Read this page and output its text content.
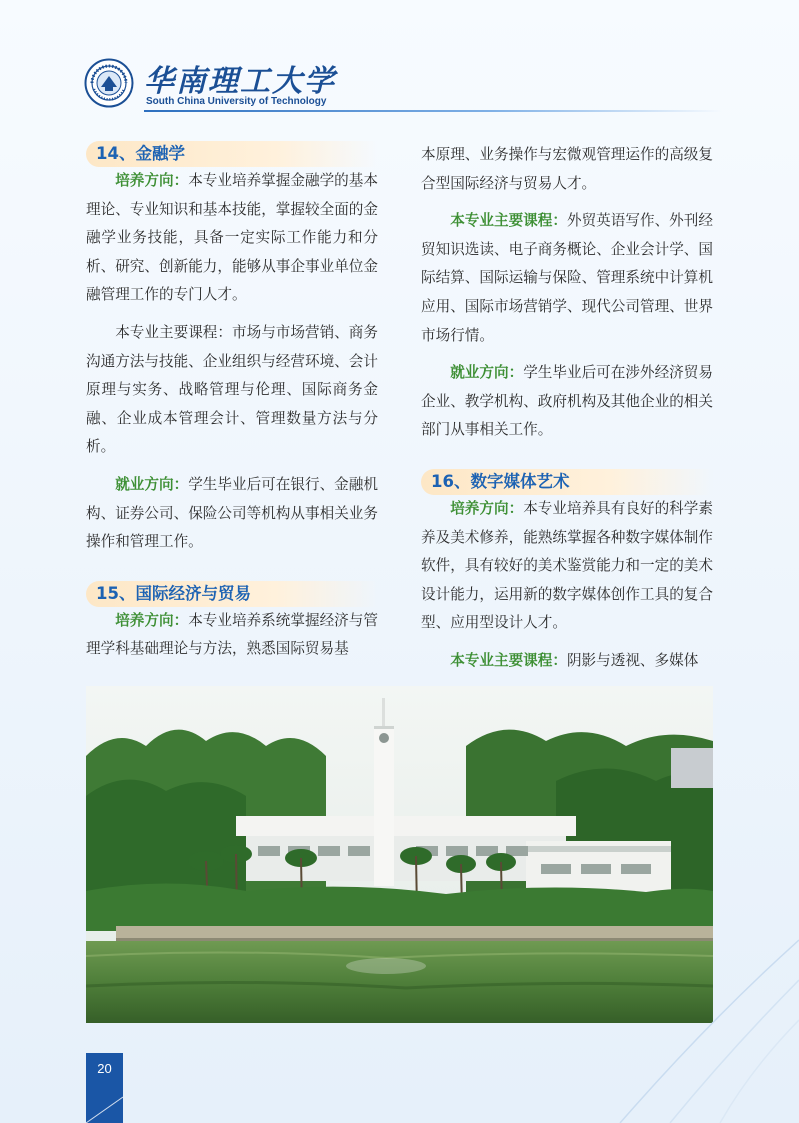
华南理工大学
South China University of Technology
14、金融学

培养方向：本专业培养掌握金融学的基本理论、专业知识和基本技能，掌握较全面的金融学业务技能，具备一定实际工作能力和分析、研究、创新能力，能够从事企事业单位金融管理工作的专门人才。

本专业主要课程：市场与市场营销、商务沟通方法与技能、企业组织与经营环境、会计原理与实务、战略管理与伦理、国际商务金融、企业成本管理会计、管理数量方法与分析。

就业方向：学生毕业后可在银行、金融机构、证券公司、保险公司等机构从事相关业务操作和管理工作。

15、国际经济与贸易

培养方向：本专业培养系统掌握经济与管理学科基础理论与方法，熟悉国际贸易基

本原理、业务操作与宏微观管理运作的高级复合型国际经济与贸易人才。

本专业主要课程：外贸英语写作、外刊经贸知识选读、电子商务概论、企业会计学、国际结算、国际运输与保险、管理系统中计算机应用、国际市场营销学、现代公司管理、世界市场行情。

就业方向：学生毕业后可在涉外经济贸易企业、教学机构、政府机构及其他企业的相关部门从事相关工作。

16、数字媒体艺术

培养方向：本专业培养具有良好的科学素养及美术修养，能熟练掌握各种数字媒体制作软件，具有较好的美术鉴赏能力和一定的美术设计能力，运用新的数字媒体创作工具的复合型、应用型设计人才。

本专业主要课程：阴影与透视、多媒体

20
